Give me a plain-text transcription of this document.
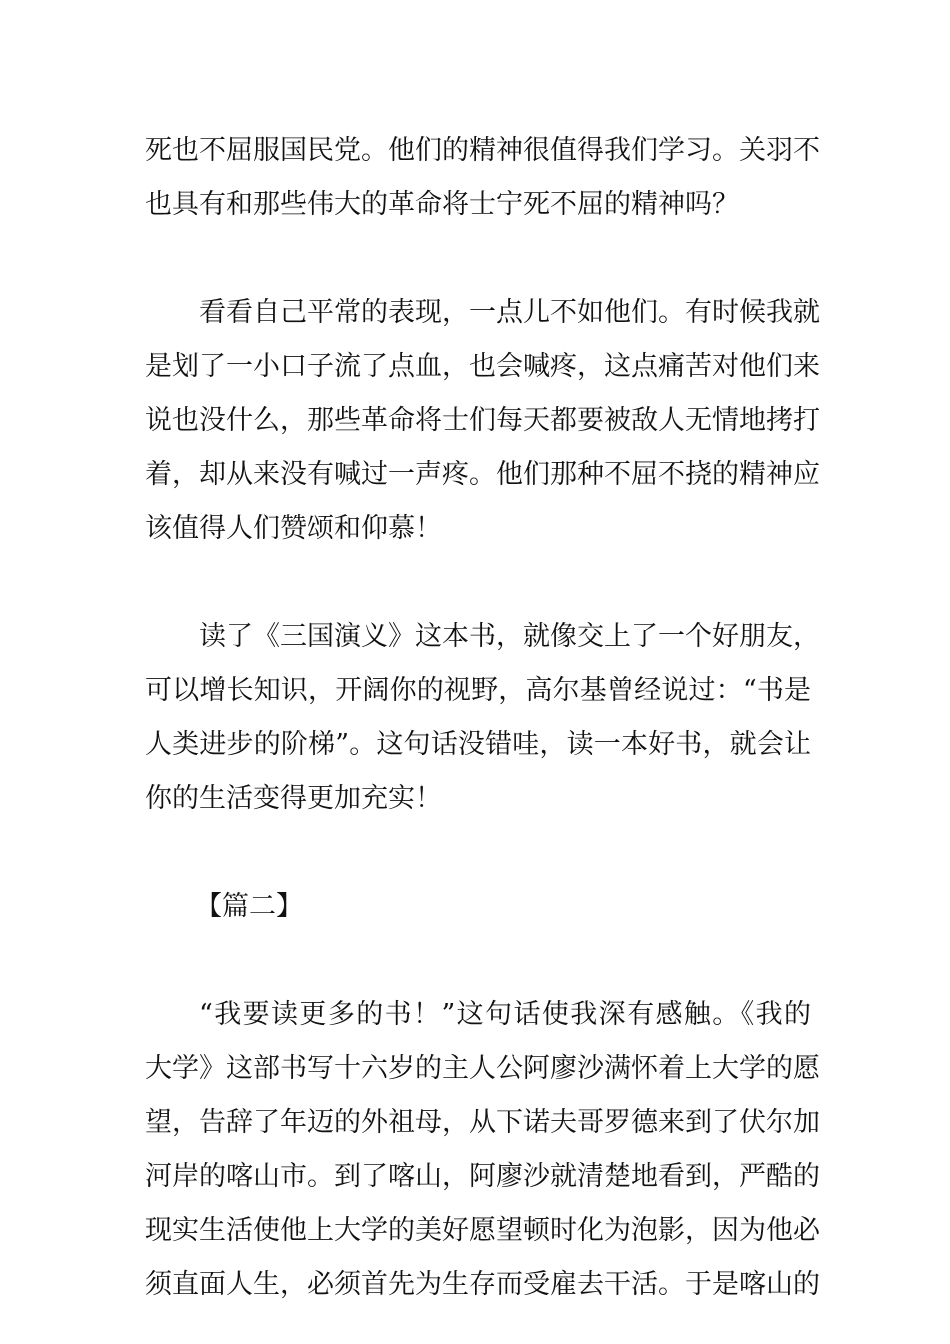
死也不屈服国民党。他们的精神很值得我们学习。关羽不
也具有和那些伟大的革命将士宁死不屈的精神吗？
看看自己平常的表现，一点儿不如他们。有时候我就
是划了一小口子流了点血，也会喊疼，这点痛苦对他们来
说也没什么，那些革命将士们每天都要被敌人无情地拷打
着，却从来没有喊过一声疼。他们那种不屈不挠的精神应
该值得人们赞颂和仰慕！
读了《三国演义》这本书，就像交上了一个好朋友，
可以增长知识，开阔你的视野，高尔基曾经说过：“书是
人类进步的阶梯”。这句话没错哇，读一本好书，就会让
你的生活变得更加充实！
【篇二】
“我要读更多的书！”这句话使我深有感触。《我的
大学》这部书写十六岁的主人公阿廖沙满怀着上大学的愿
望，告辞了年迈的外祖母，从下诺夫哥罗德来到了伏尔加
河岸的喀山市。到了喀山，阿廖沙就清楚地看到，严酷的
现实生活使他上大学的美好愿望顿时化为泡影，因为他必
须直面人生，必须首先为生存而受雇去干活。于是喀山的
